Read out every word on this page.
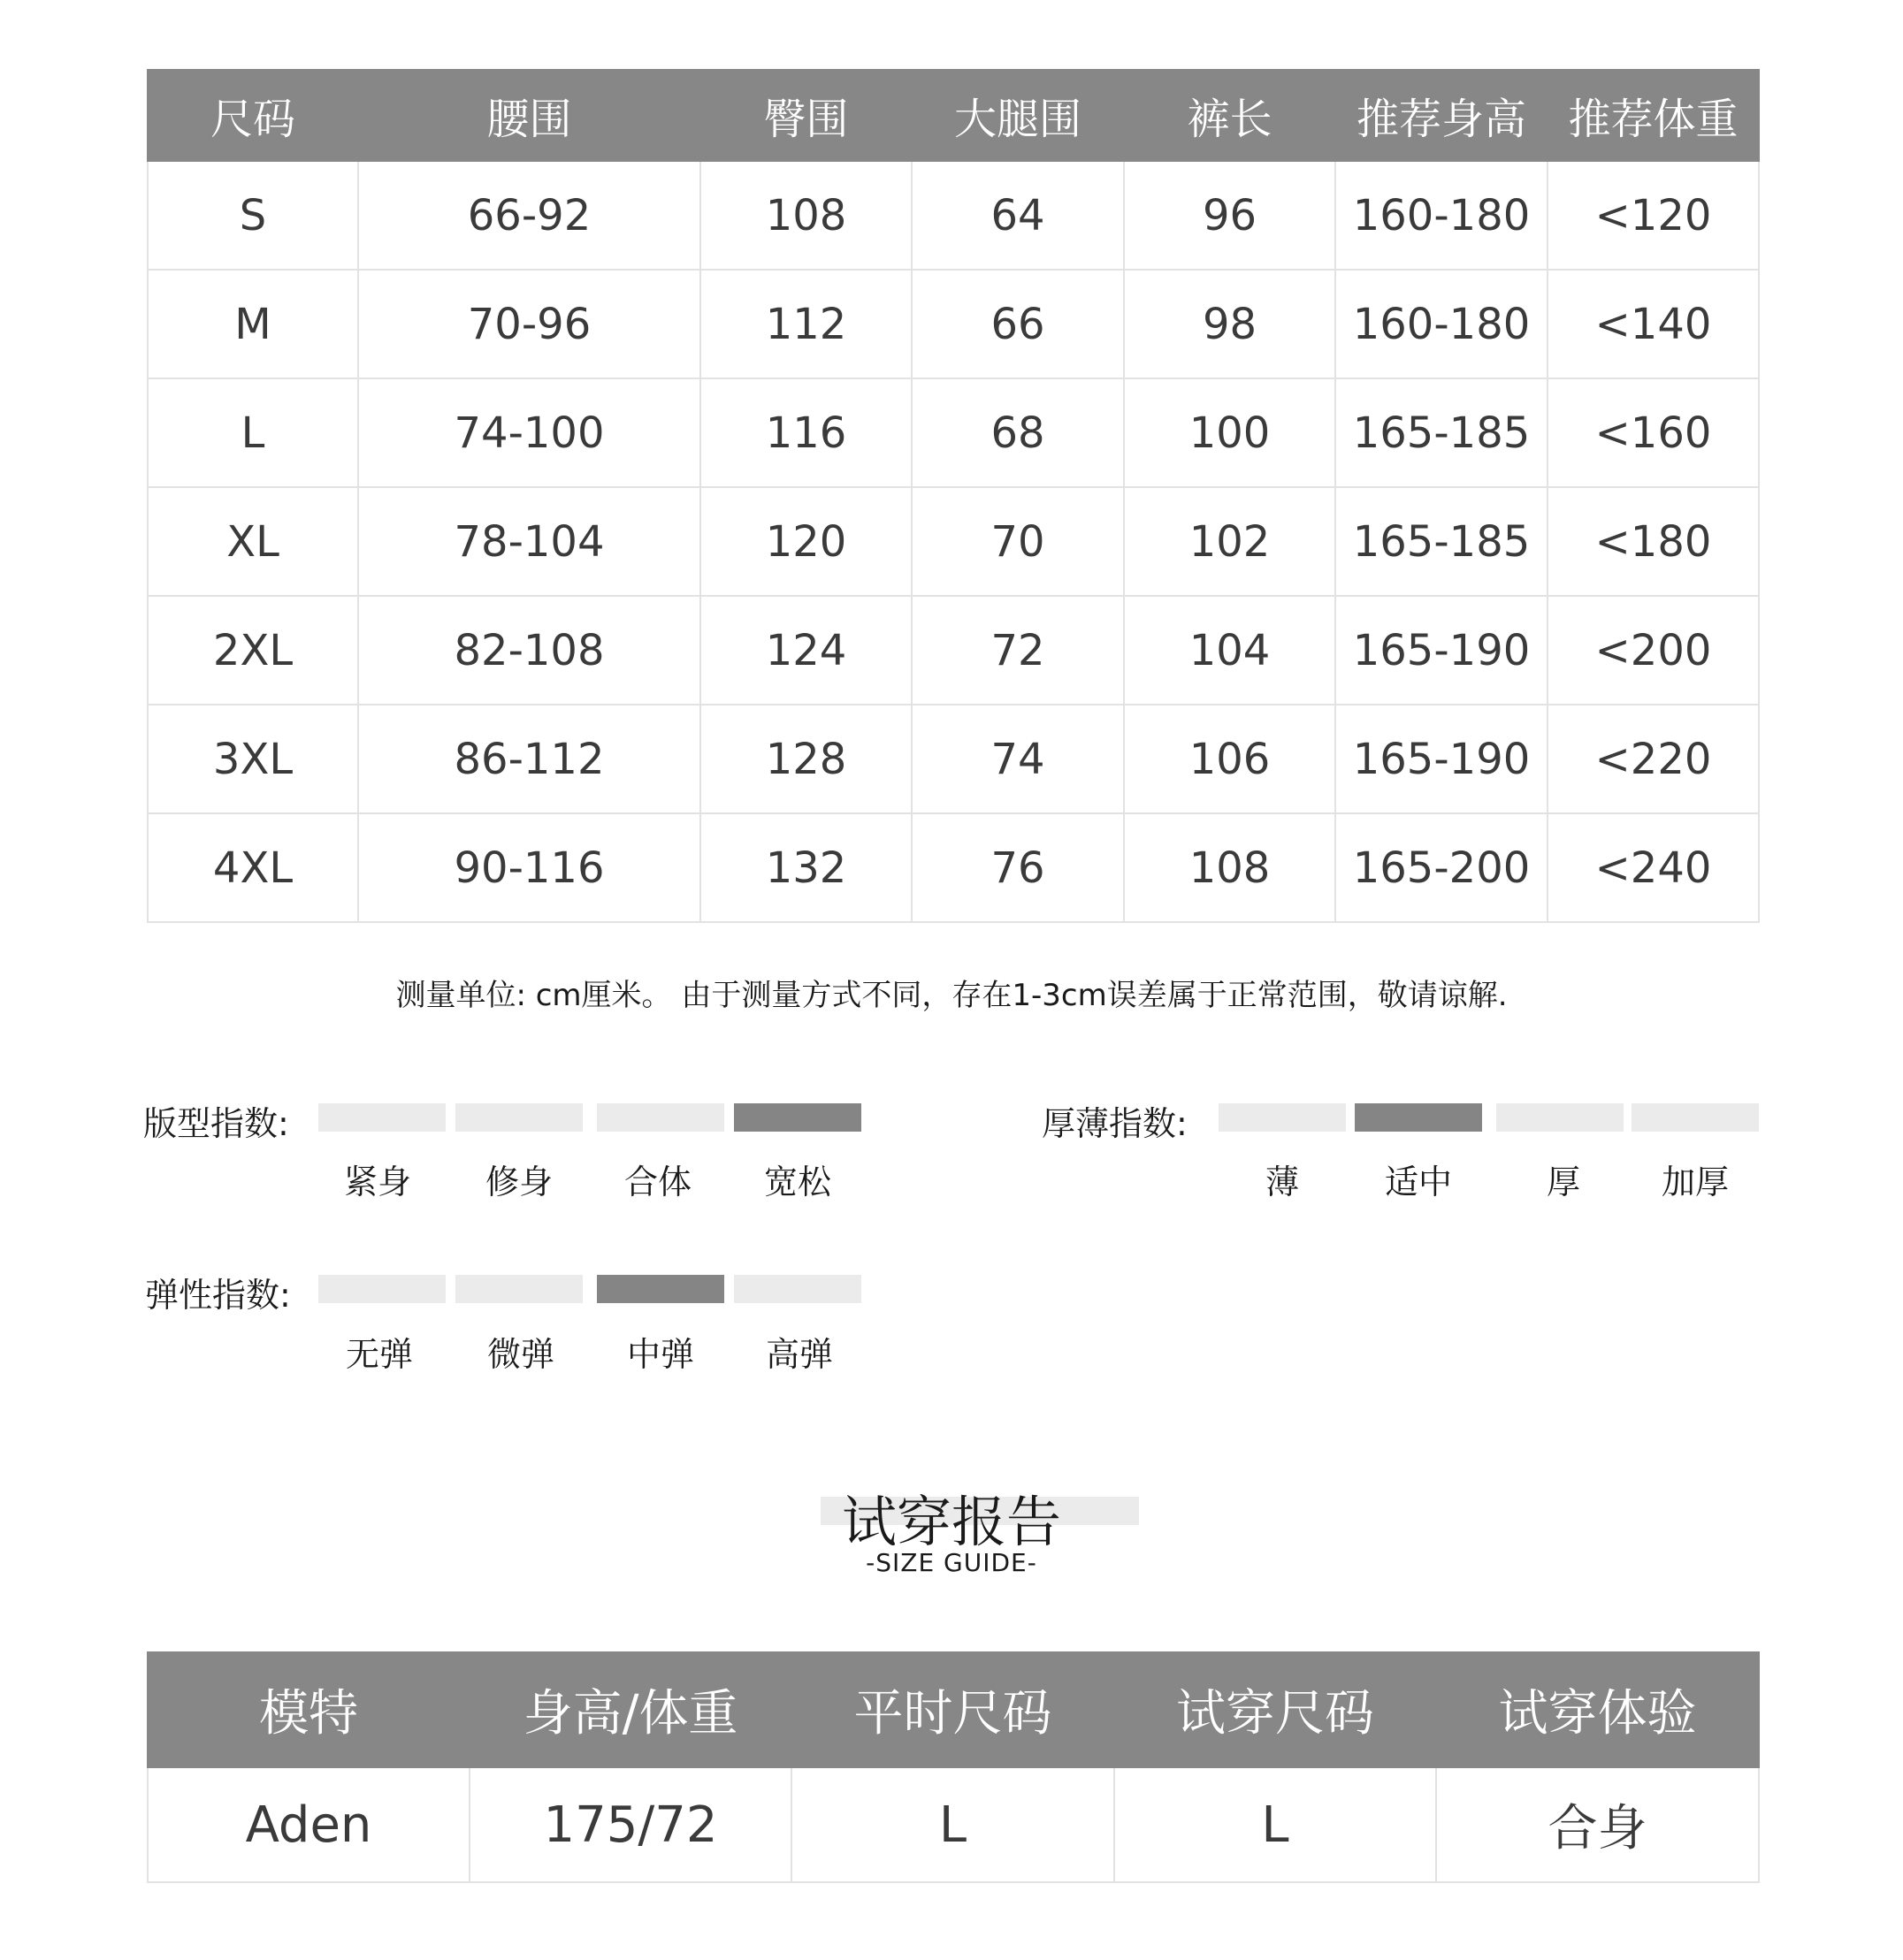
尺码	腰围	臀围	大腿围	裤长	推荐身高	推荐体重
S	66-92	108	64	96	160-180	<120
M	70-96	112	66	98	160-180	<140
L	74-100	116	68	100	165-185	<160
XL	78-104	120	70	102	165-185	<180
2XL	82-108	124	72	104	165-190	<200
3XL	86-112	128	74	106	165-190	<220
4XL	90-116	132	76	108	165-200	<240
测量单位: cm厘米。 由于测量方式不同，存在1-3cm误差属于正常范围，敬请谅解.
版型指数:
紧身	修身	合体	宽松
厚薄指数:
薄	适中	厚	加厚
弹性指数:
无弹	微弹	中弹	高弹
试穿报告
-SIZE GUIDE-
模特	身高/体重	平时尺码	试穿尺码	试穿体验
Aden	175/72	L	L	合身
